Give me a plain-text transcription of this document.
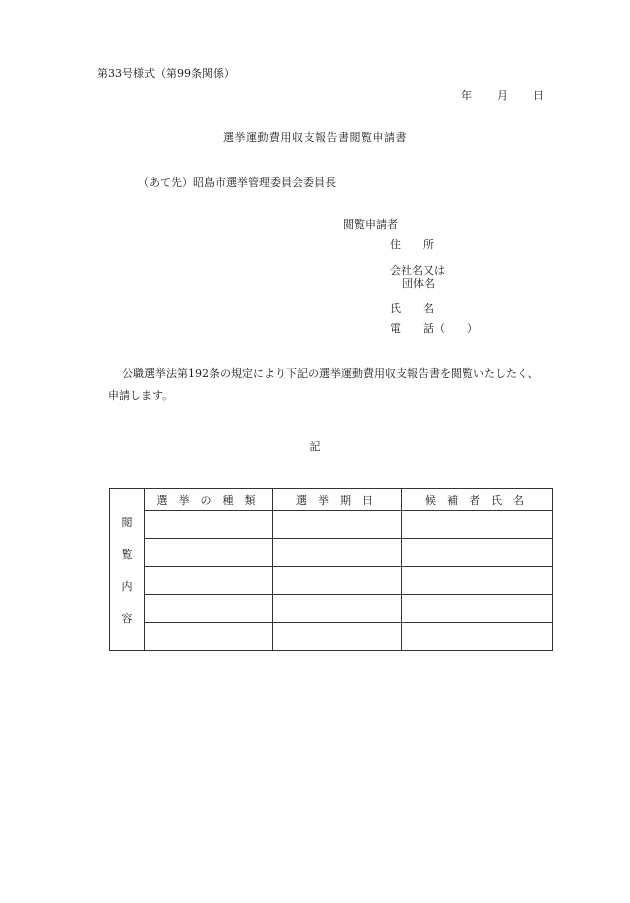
第33号様式（第99条関係）
年 月 日
選挙運動費用収支報告書閲覧申請書
（あて先）昭島市選挙管理委員会委員長
閲覧申請者
住　　所
会社名又は
団体名
氏　　名
電　　話（　　）
公職選挙法第192条の規定により下記の選挙運動費用収支報告書を閲覧いたしたく、
申請します。
記
閲
覧
内
容	選挙の種類	選挙期日	候補者氏名
